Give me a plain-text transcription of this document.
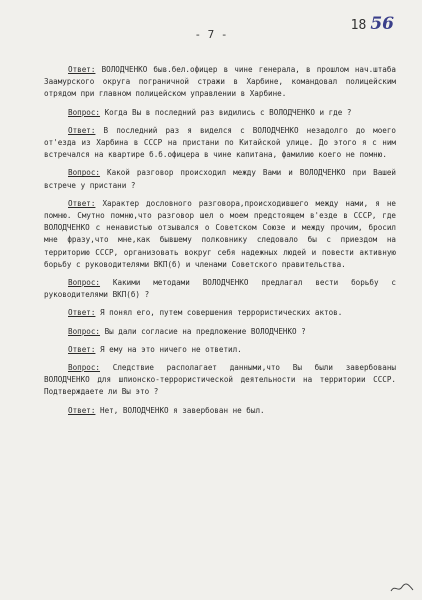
18 56
- 7 -

Ответ: ВОЛОДЧЕНКО быв.бел.офицер в чине генерала, в прошлом нач.штаба Заамурского округа пограничной стражи в Харбине, командовал полицейским отрядом при главном полицейском управлении в Харбине.

Вопрос: Когда Вы в последний раз видились с ВОЛОДЧЕНКО и где ?

Ответ: В последний раз я виделся с ВОЛОДЧЕНКО незадолго до моего от'езда из Харбина в СССР на пристани по Китайской улице. До этого я с ним встречался на квартире б.б.офицера в чине капитана, фамилию коего не помню.

Вопрос: Какой разговор происходил между Вами и ВОЛОДЧЕНКО при Вашей встрече у пристани ?

Ответ: Характер дословного разговора,происходившего между нами, я не помню. Смутно помню,что разговор шел о моем предстоящем в'езде в СССР, где ВОЛОДЧЕНКО с ненавистью отзывался о Советском Союзе и между прочим, бросил мне фразу,что мне,как бывшему полковнику следовало бы с приездом на территорию СССР, организовать вокруг себя надежных людей и повести активную борьбу с руководителями ВКП(б) и членами Советского правительства.

Вопрос: Какими методами ВОЛОДЧЕНКО предлагал вести борьбу с руководителями ВКП(б) ?

Ответ: Я понял его, путем совершения террористических актов.

Вопрос: Вы дали согласие на предложение ВОЛОДЧЕНКО ?

Ответ: Я ему на это ничего не ответил.

Вопрос: Следствие располагает данными,что Вы были завербованы ВОЛОДЧЕНКО для шпионско-террористической деятельности на территории СССР. Подтверждаете ли Вы это ?

Ответ: Нет, ВОЛОДЧЕНКО я завербован не был.
